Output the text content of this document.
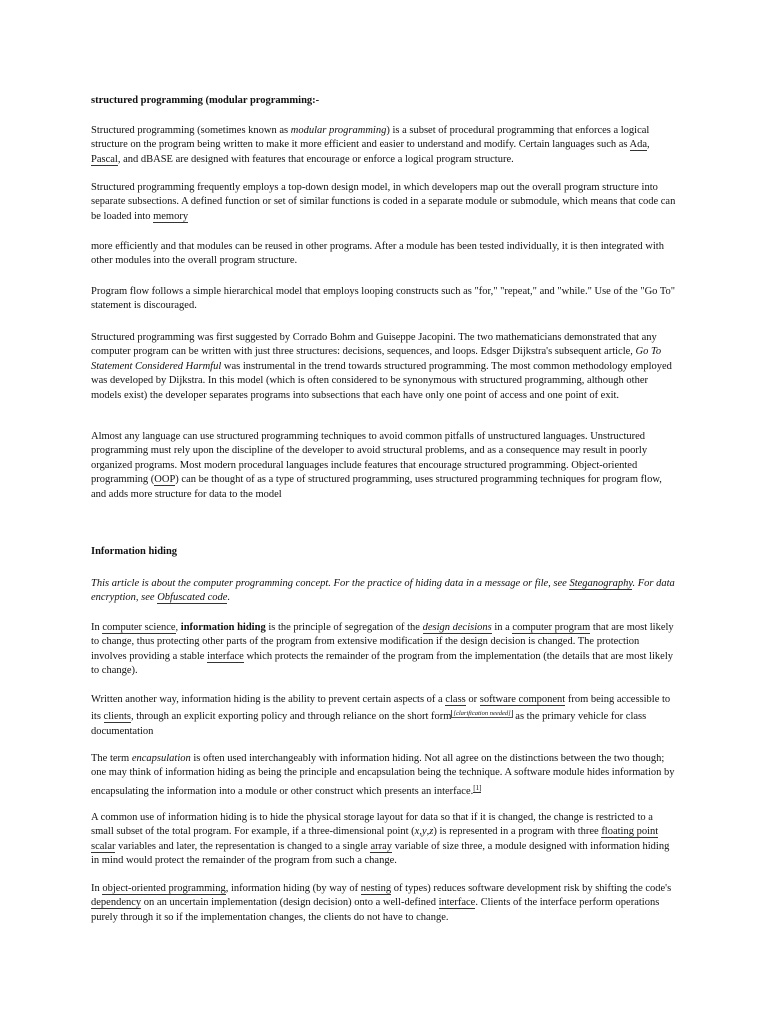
structured programming (modular programming:-

Structured programming (sometimes known as modular programming) is a subset of procedural programming that enforces a logical structure on the program being written to make it more efficient and easier to understand and modify. Certain languages such as Ada, Pascal, and dBASE are designed with features that encourage or enforce a logical program structure.

Structured programming frequently employs a top-down design model, in which developers map out the overall program structure into separate subsections. A defined function or set of similar functions is coded in a separate module or submodule, which means that code can be loaded into memory

more efficiently and that modules can be reused in other programs. After a module has been tested individually, it is then integrated with other modules into the overall program structure.

Program flow follows a simple hierarchical model that employs looping constructs such as "for," "repeat," and "while." Use of the "Go To" statement is discouraged.

Structured programming was first suggested by Corrado Bohm and Guiseppe Jacopini. The two mathematicians demonstrated that any computer program can be written with just three structures: decisions, sequences, and loops. Edsger Dijkstra's subsequent article, Go To Statement Considered Harmful was instrumental in the trend towards structured programming. The most common methodology employed was developed by Dijkstra. In this model (which is often considered to be synonymous with structured programming, although other models exist) the developer separates programs into subsections that each have only one point of access and one point of exit.

Almost any language can use structured programming techniques to avoid common pitfalls of unstructured languages. Unstructured programming must rely upon the discipline of the developer to avoid structural problems, and as a consequence may result in poorly organized programs. Most modern procedural languages include features that encourage structured programming. Object-oriented programming (OOP) can be thought of as a type of structured programming, uses structured programming techniques for program flow, and adds more structure for data to the model

Information hiding

This article is about the computer programming concept. For the practice of hiding data in a message or file, see Steganography. For data encryption, see Obfuscated code.

In computer science, information hiding is the principle of segregation of the design decisions in a computer program that are most likely to change, thus protecting other parts of the program from extensive modification if the design decision is changed. The protection involves providing a stable interface which protects the remainder of the program from the implementation (the details that are most likely to change).

Written another way, information hiding is the ability to prevent certain aspects of a class or software component from being accessible to its clients, through an explicit exporting policy and through reliance on the short form [clarification needed] as the primary vehicle for class documentation

The term encapsulation is often used interchangeably with information hiding. Not all agree on the distinctions between the two though; one may think of information hiding as being the principle and encapsulation being the technique. A software module hides information by encapsulating the information into a module or other construct which presents an interface.[1]

A common use of information hiding is to hide the physical storage layout for data so that if it is changed, the change is restricted to a small subset of the total program. For example, if a three-dimensional point (x,y,z) is represented in a program with three floating point scalar variables and later, the representation is changed to a single array variable of size three, a module designed with information hiding in mind would protect the remainder of the program from such a change.

In object-oriented programming, information hiding (by way of nesting of types) reduces software development risk by shifting the code's dependency on an uncertain implementation (design decision) onto a well-defined interface. Clients of the interface perform operations purely through it so if the implementation changes, the clients do not have to change.
